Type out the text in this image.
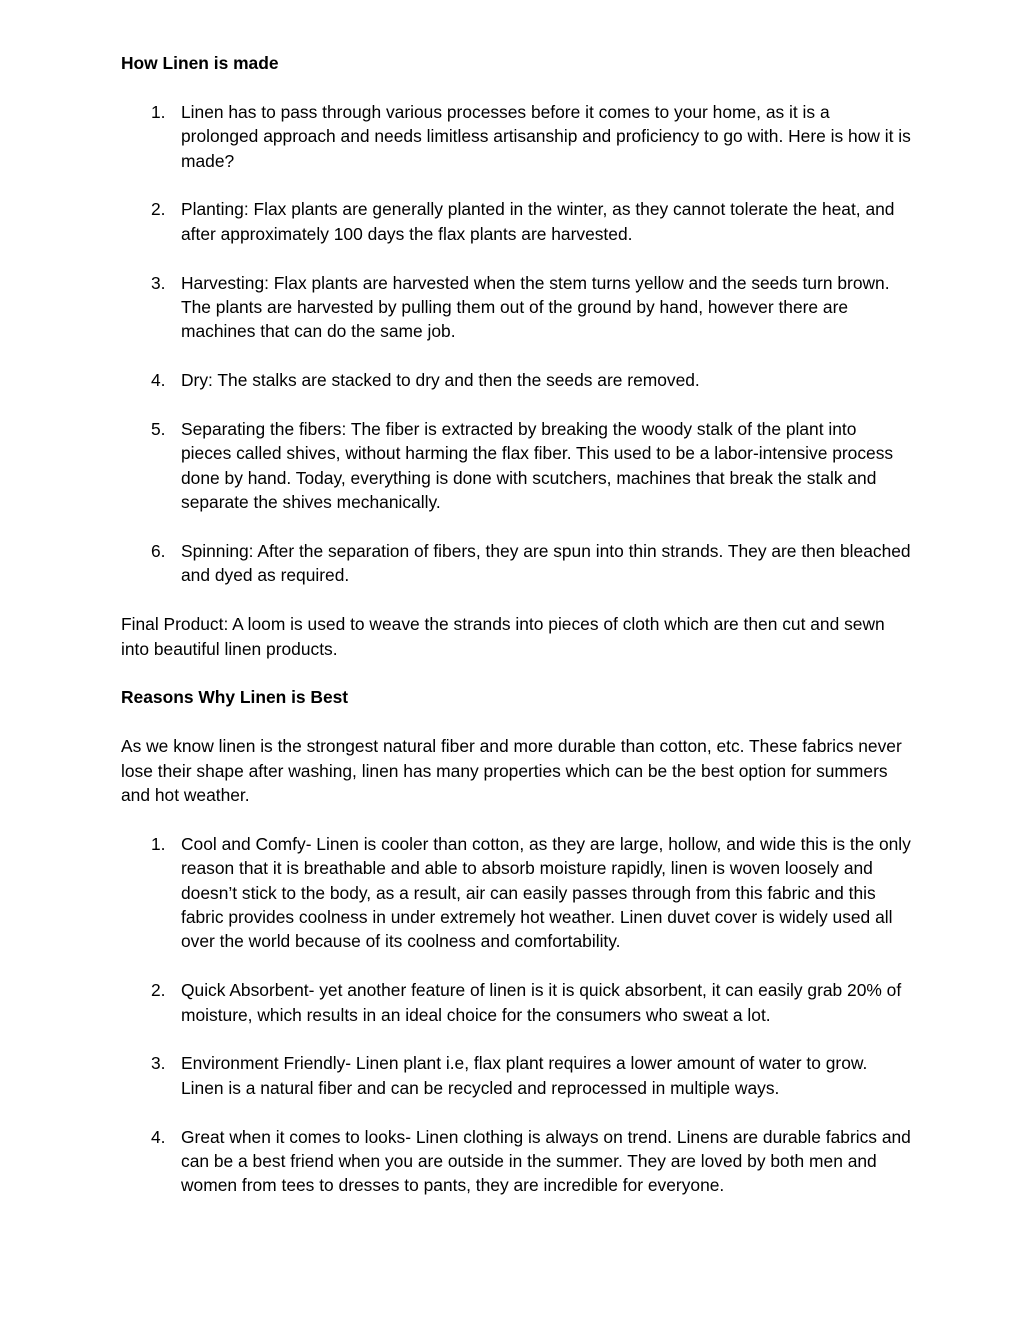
How Linen is made

1. Linen has to pass through various processes before it comes to your home, as it is a prolonged approach and needs limitless artisanship and proficiency to go with. Here is how it is made?
2. Planting: Flax plants are generally planted in the winter, as they cannot tolerate the heat, and after approximately 100 days the flax plants are harvested.
3. Harvesting: Flax plants are harvested when the stem turns yellow and the seeds turn brown. The plants are harvested by pulling them out of the ground by hand, however there are machines that can do the same job.
4. Dry: The stalks are stacked to dry and then the seeds are removed.
5. Separating the fibers: The fiber is extracted by breaking the woody stalk of the plant into pieces called shives, without harming the flax fiber. This used to be a labor-intensive process done by hand. Today, everything is done with scutchers, machines that break the stalk and separate the shives mechanically.
6. Spinning: After the separation of fibers, they are spun into thin strands. They are then bleached and dyed as required.

Final Product: A loom is used to weave the strands into pieces of cloth which are then cut and sewn into beautiful linen products.

Reasons Why Linen is Best

As we know linen is the strongest natural fiber and more durable than cotton, etc. These fabrics never lose their shape after washing, linen has many properties which can be the best option for summers and hot weather.

1. Cool and Comfy- Linen is cooler than cotton, as they are large, hollow, and wide this is the only reason that it is breathable and able to absorb moisture rapidly, linen is woven loosely and doesn’t stick to the body, as a result, air can easily passes through from this fabric and this fabric provides coolness in under extremely hot weather. Linen duvet cover is widely used all over the world because of its coolness and comfortability.
2. Quick Absorbent- yet another feature of linen is it is quick absorbent, it can easily grab 20% of moisture, which results in an ideal choice for the consumers who sweat a lot.
3. Environment Friendly- Linen plant i.e, flax plant requires a lower amount of water to grow. Linen is a natural fiber and can be recycled and reprocessed in multiple ways.
4. Great when it comes to looks- Linen clothing is always on trend. Linens are durable fabrics and can be a best friend when you are outside in the summer. They are loved by both men and women from tees to dresses to pants, they are incredible for everyone.
